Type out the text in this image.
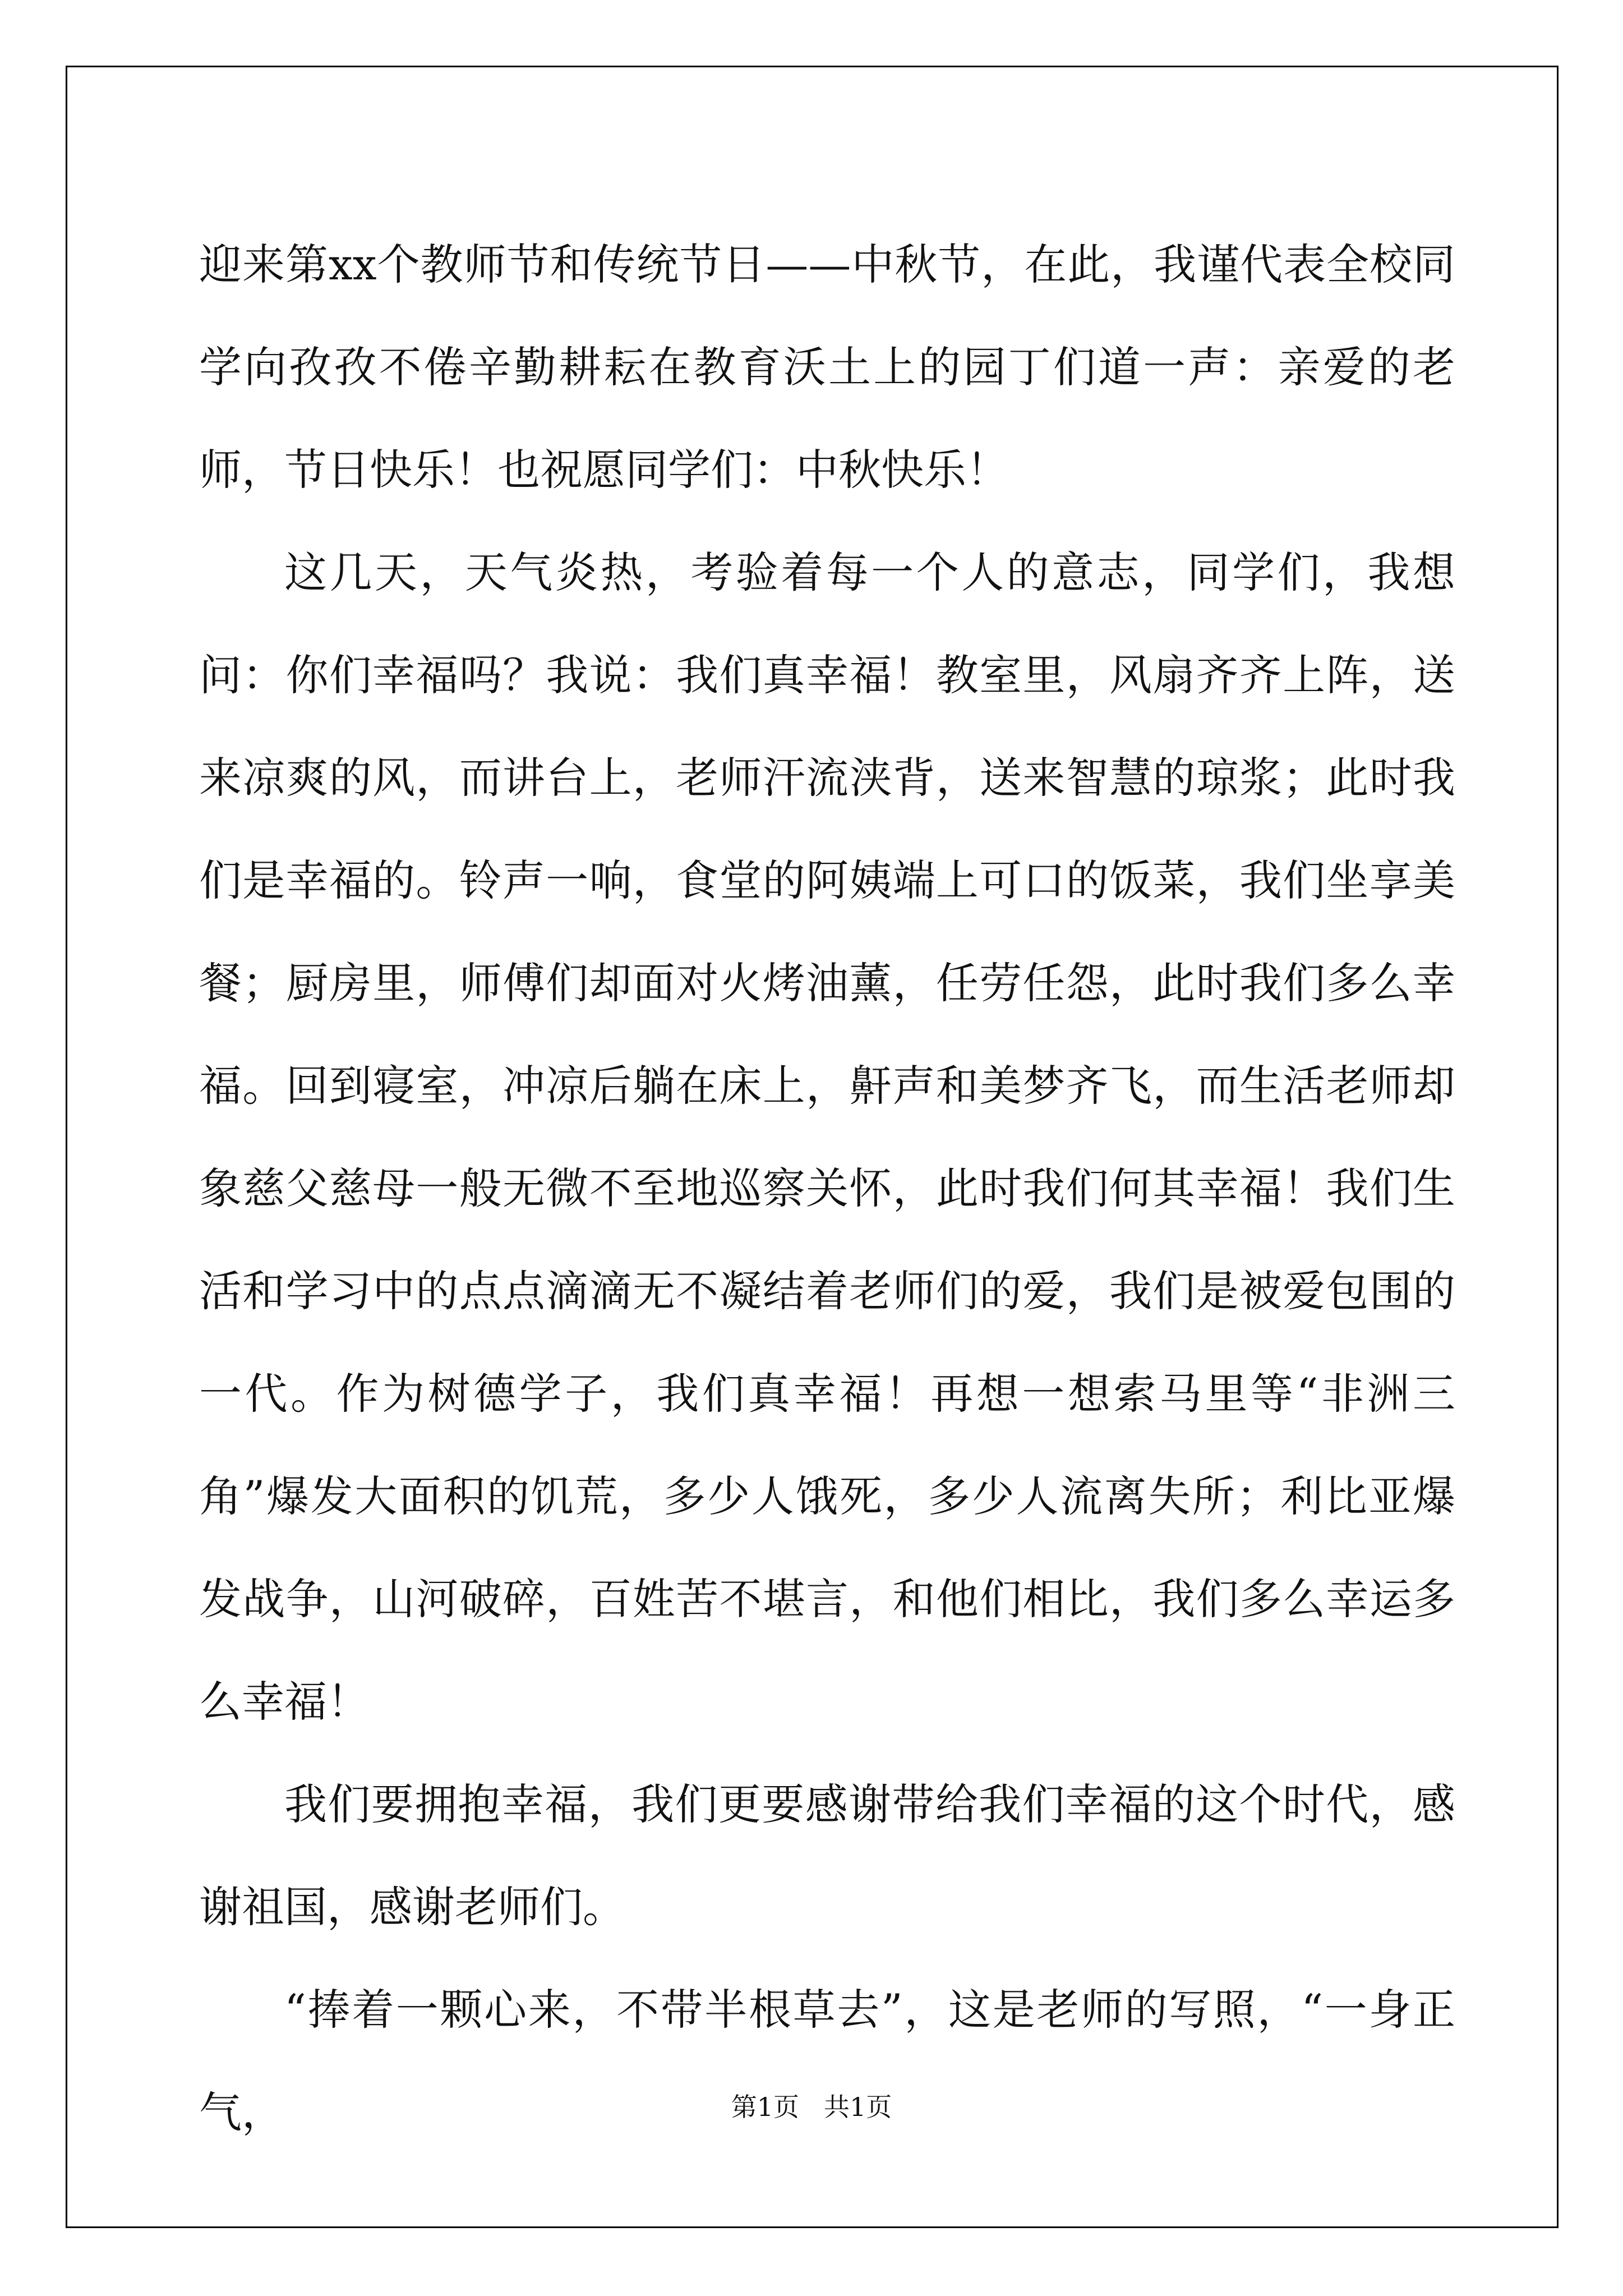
迎来第xx个教师节和传统节日——中秋节，在此，我谨代表全校同学向孜孜不倦辛勤耕耘在教育沃土上的园丁们道一声：亲爱的老师，节日快乐！也祝愿同学们：中秋快乐！

这几天，天气炎热，考验着每一个人的意志，同学们，我想问：你们幸福吗？我说：我们真幸福！教室里，风扇齐齐上阵，送来凉爽的风，而讲台上，老师汗流浃背，送来智慧的琼浆；此时我们是幸福的。铃声一响，食堂的阿姨端上可口的饭菜，我们坐享美餐；厨房里，师傅们却面对火烤油薰，任劳任怨，此时我们多么幸福。回到寝室，冲凉后躺在床上，鼾声和美梦齐飞，而生活老师却象慈父慈母一般无微不至地巡察关怀，此时我们何其幸福！我们生活和学习中的点点滴滴无不凝结着老师们的爱，我们是被爱包围的一代。作为树德学子，我们真幸福！再想一想索马里等“非洲三角”爆发大面积的饥荒，多少人饿死，多少人流离失所；利比亚爆发战争，山河破碎，百姓苦不堪言，和他们相比，我们多么幸运多么幸福！

我们要拥抱幸福，我们更要感谢带给我们幸福的这个时代，感谢祖国，感谢老师们。

“捧着一颗心来，不带半根草去”，这是老师的写照，“一身正气，	第1页 共1页
